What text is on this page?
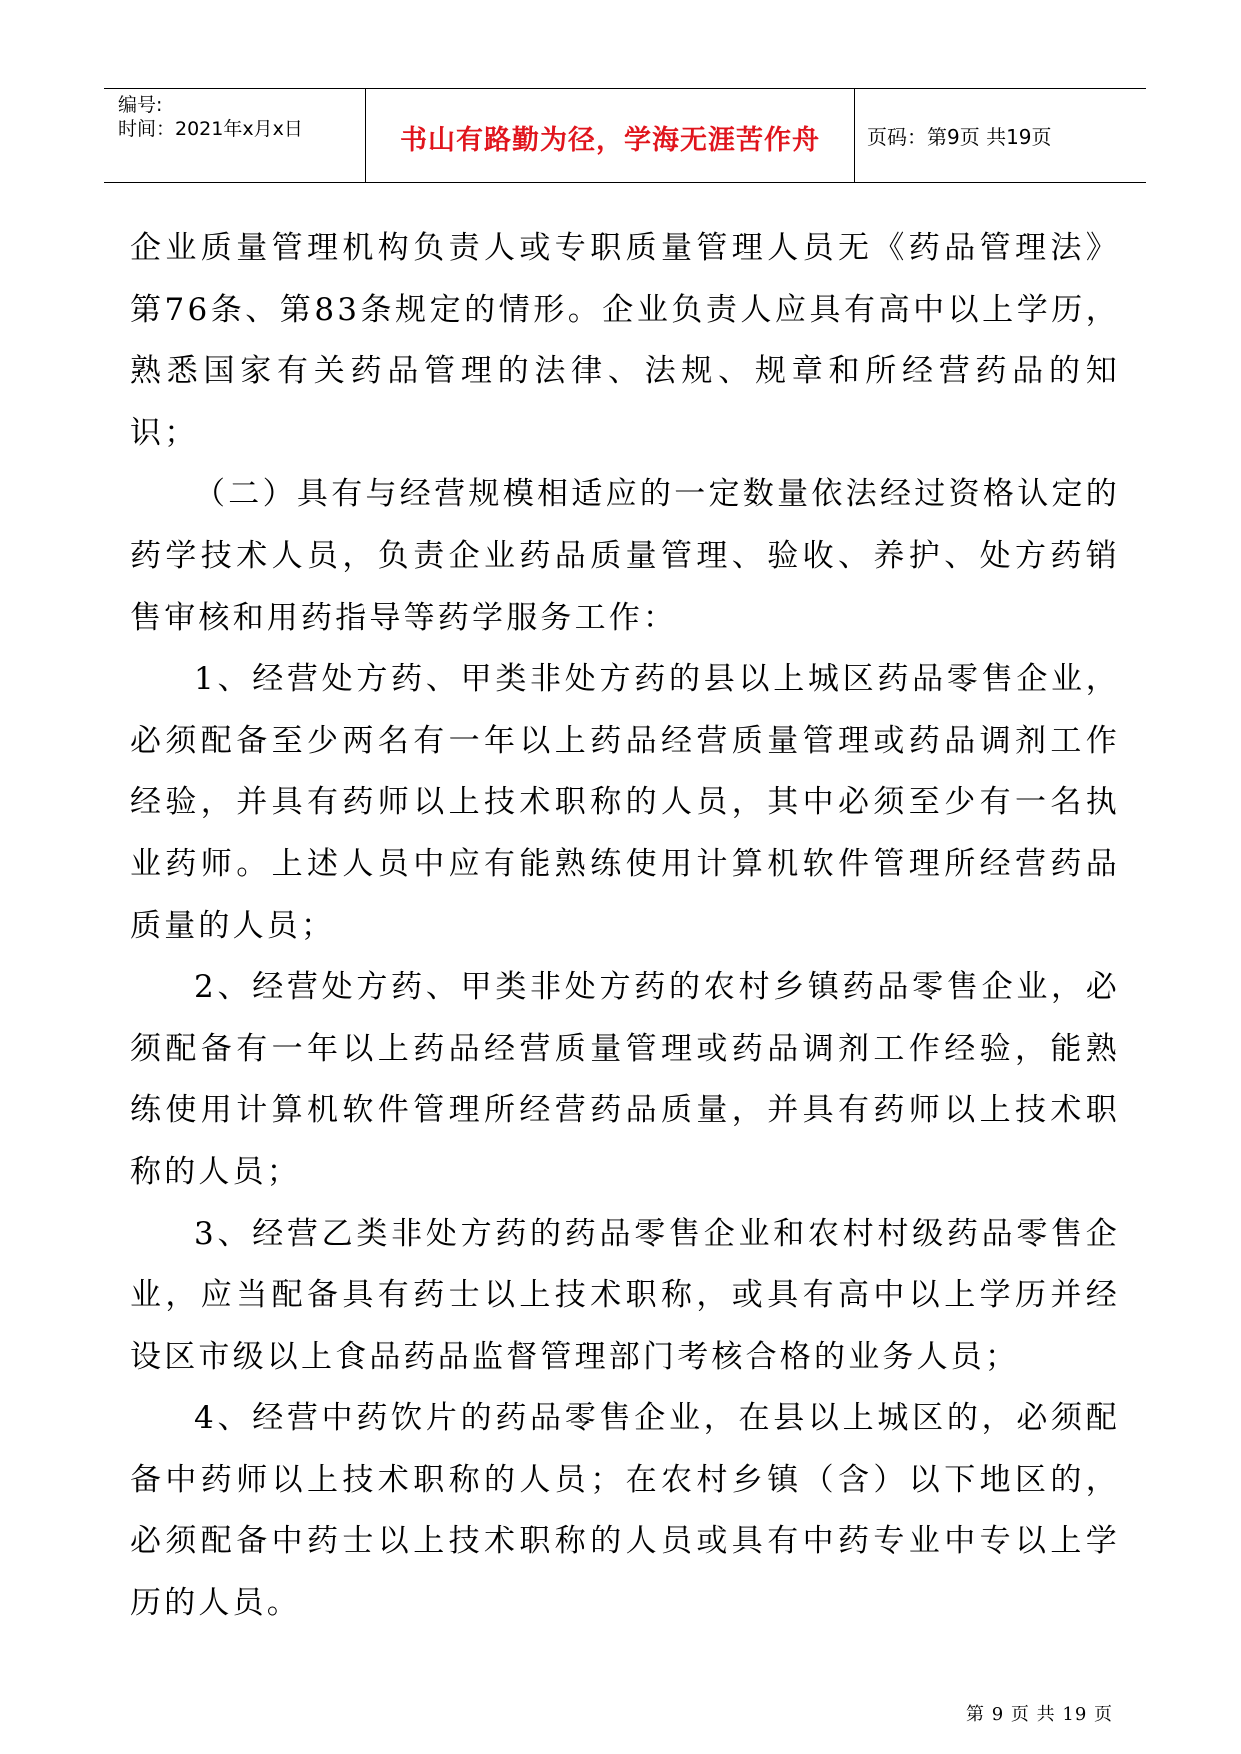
编号:
时间：2021年x月x日	书山有路勤为径，学海无涯苦作舟 页码：第9页 共19页

企业质量管理机构负责人或专职质量管理人员无《药品管理法》第76条、第83条规定的情形。企业负责人应具有高中以上学历，熟悉国家有关药品管理的法律、法规、规章和所经营药品的知识；

（二）具有与经营规模相适应的一定数量依法经过资格认定的药学技术人员，负责企业药品质量管理、验收、养护、处方药销售审核和用药指导等药学服务工作：

1、经营处方药、甲类非处方药的县以上城区药品零售企业，必须配备至少两名有一年以上药品经营质量管理或药品调剂工作经验，并具有药师以上技术职称的人员，其中必须至少有一名执业药师。上述人员中应有能熟练使用计算机软件管理所经营药品质量的人员；

2、经营处方药、甲类非处方药的农村乡镇药品零售企业，必须配备有一年以上药品经营质量管理或药品调剂工作经验，能熟练使用计算机软件管理所经营药品质量，并具有药师以上技术职称的人员；

3、经营乙类非处方药的药品零售企业和农村村级药品零售企业，应当配备具有药士以上技术职称，或具有高中以上学历并经设区市级以上食品药品监督管理部门考核合格的业务人员；

4、经营中药饮片的药品零售企业，在县以上城区的，必须配备中药师以上技术职称的人员；在农村乡镇（含）以下地区的，必须配备中药士以上技术职称的人员或具有中药专业中专以上学历的人员。

第 9 页 共 19 页
